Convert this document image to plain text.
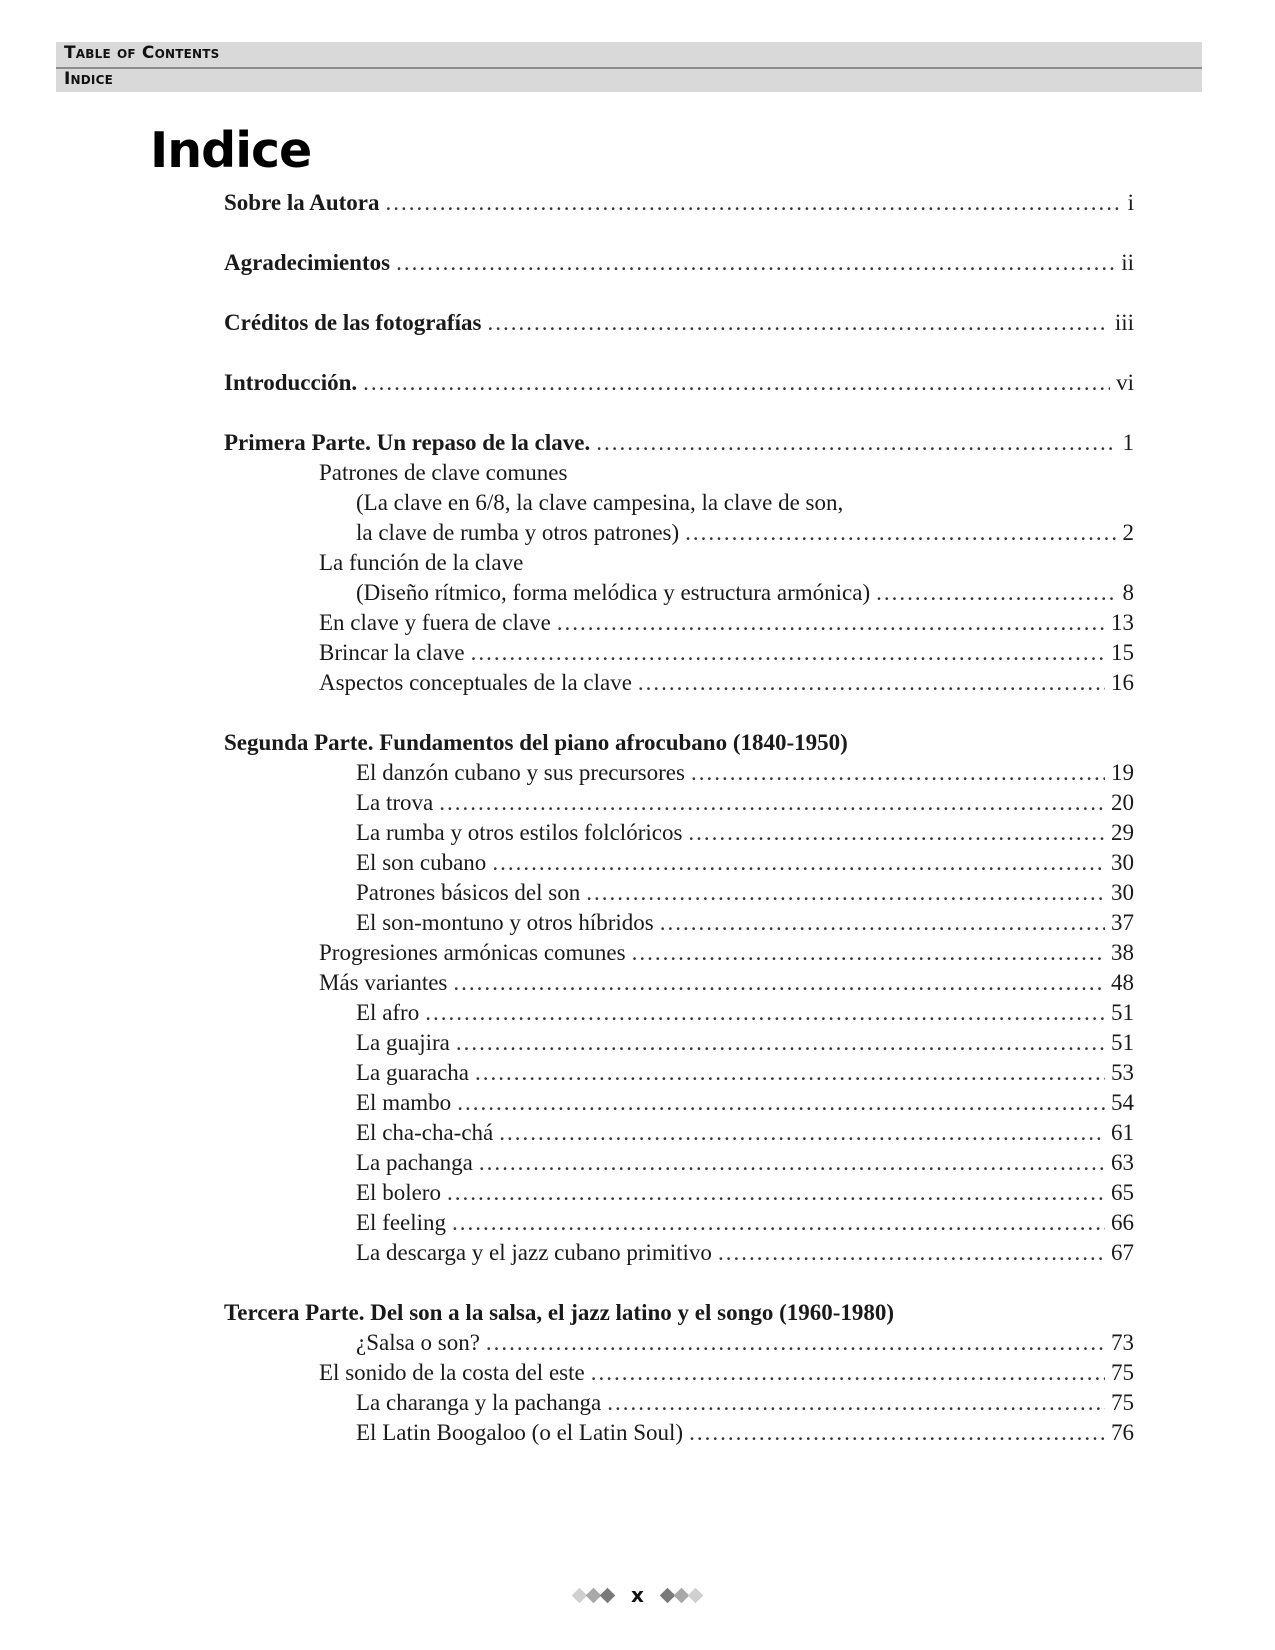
Table of Contents
Indice
Indice
Sobre la Autora .....	i
Agradecimientos .....	ii
Créditos de las fotografías .....	iii
Introducción. .....	vi
Primera Parte. Un repaso de la clave. .....	1
Patrones de clave comunes
(La clave en 6/8, la clave campesina, la clave de son,
la clave de rumba y otros patrones) .....	2
La función de la clave
(Diseño rítmico, forma melódica y estructura armónica) .....	8
En clave y fuera de clave .....	13
Brincar la clave .....	15
Aspectos conceptuales de la clave .....	16
Segunda Parte. Fundamentos del piano afrocubano (1840-1950)
El danzón cubano y sus precursores .....	19
La trova .....	20
La rumba y otros estilos folclóricos .....	29
El son cubano .....	30
Patrones básicos del son .....	30
El son-montuno y otros híbridos .....	37
Progresiones armónicas comunes .....	38
Más variantes .....	48
El afro .....	51
La guajira .....	51
La guaracha .....	53
El mambo .....	54
El cha-cha-chá .....	61
La pachanga .....	63
El bolero .....	65
El feeling .....	66
La descarga y el jazz cubano primitivo .....	67
Tercera Parte. Del son a la salsa, el jazz latino y el songo (1960-1980)
¿Salsa o son? .....	73
El sonido de la costa del este .....	75
La charanga y la pachanga .....	75
El Latin Boogaloo (o el Latin Soul) .....	76
x
